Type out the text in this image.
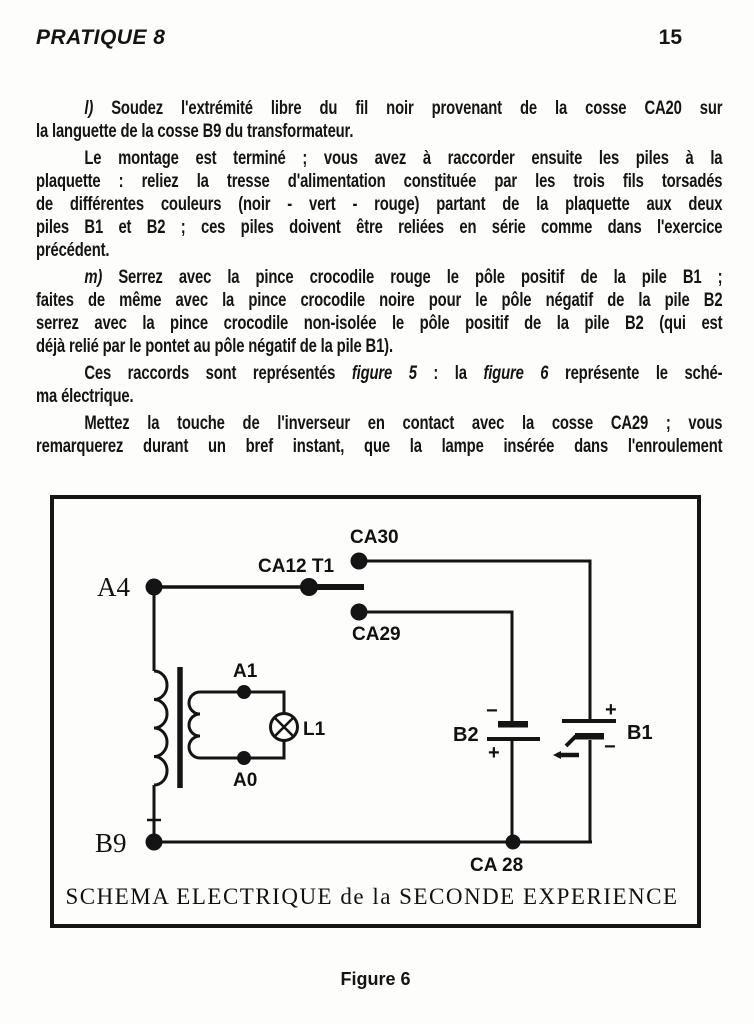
PRATIQUE 8	15
l) Soudez l'extrémité libre du fil noir provenant de la cosse CA20 sur
la languette de la cosse B9 du transformateur.
Le montage est terminé ; vous avez à raccorder ensuite les piles à la
plaquette : reliez la tresse d'alimentation constituée par les trois fils torsadés
de différentes couleurs (noir - vert - rouge) partant de la plaquette aux deux
piles B1 et B2 ; ces piles doivent être reliées en série comme dans l'exercice
précédent.
m) Serrez avec la pince crocodile rouge le pôle positif de la pile B1 ;
faites de même avec la pince crocodile noire pour le pôle négatif de la pile B2
serrez avec la pince crocodile non-isolée le pôle positif de la pile B2 (qui est
déjà relié par le pontet au pôle négatif de la pile B1).
Ces raccords sont représentés figure 5 : la figure 6 représente le sché-
ma électrique.
Mettez la touche de l'inverseur en contact avec la cosse CA29 ; vous
remarquerez durant un bref instant, que la lampe insérée dans l'enroulement
CA30
CA12 T1
CA29
A4
A1
A0
L1	B2	B1
B9
CA 28
−
+
+
−
SCHEMA ELECTRIQUE de la SECONDE EXPERIENCE
Figure 6
